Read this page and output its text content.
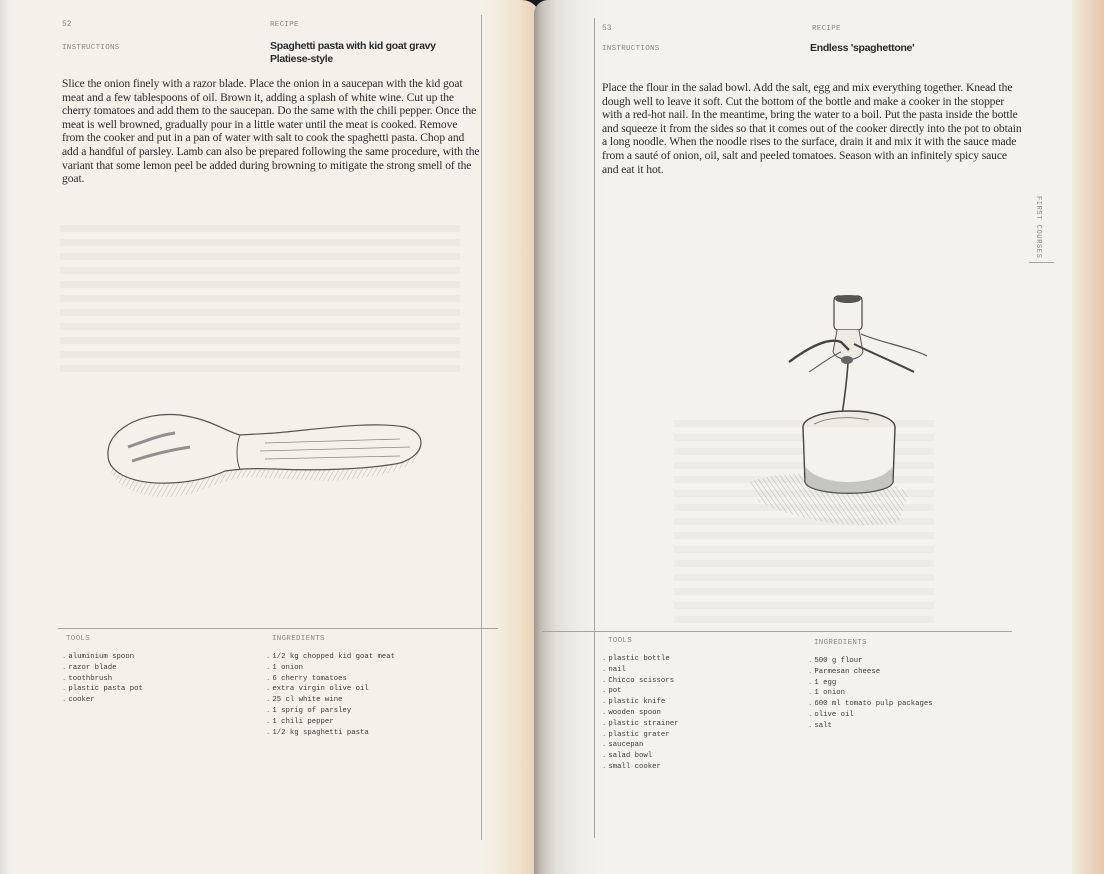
52	RECIPE
INSTRUCTIONS	Spaghetti pasta with kid goat gravy
Platiese-style
Slice the onion finely with a razor blade. Place the onion in a saucepan with the kid goat meat and a few tablespoons of oil. Brown it, adding a splash of white wine. Cut up the cherry tomatoes and add them to the saucepan. Do the same with the chili pepper. Once the meat is well browned, gradually pour in a little water until the meat is cooked. Remove from the cooker and put in a pan of water with salt to cook the spaghetti pasta. Chop and add a handful of parsley. Lamb can also be prepared following the same procedure, with the variant that some lemon peel be added during browning to mitigate the strong smell of the goat.
TOOLS
. aluminium spoon
. razor blade
. toothbrush
. plastic pasta pot
. cooker
INGREDIENTS
. 1/2 kg chopped kid goat meat
. 1 onion
. 6 cherry tomatoes
. extra virgin olive oil
. 25 cl white wine
. 1 sprig of parsley
. 1 chili pepper
. 1/2 kg spaghetti pasta
53	RECIPE
INSTRUCTIONS	Endless 'spaghettone'
Place the flour in the salad bowl. Add the salt, egg and mix everything together. Knead the dough well to leave it soft. Cut the bottom of the bottle and make a cooker in the stopper with a red-hot nail. In the meantime, bring the water to a boil. Put the pasta inside the bottle and squeeze it from the sides so that it comes out of the cooker directly into the pot to obtain a long noodle. When the noodle rises to the surface, drain it and mix it with the sauce made from a sauté of onion, oil, salt and peeled tomatoes. Season with an infinitely spicy sauce and eat it hot.
FIRST COURSES
TOOLS
. plastic bottle
. nail
. Chicco scissors
. pot
. plastic knife
. wooden spoon
. plastic strainer
. plastic grater
. saucepan
. salad bowl
. small cooker
INGREDIENTS
. 500 g flour
. Parmesan cheese
. 1 egg
. 1 onion
. 600 ml tomato pulp packages
. olive oil
. salt
